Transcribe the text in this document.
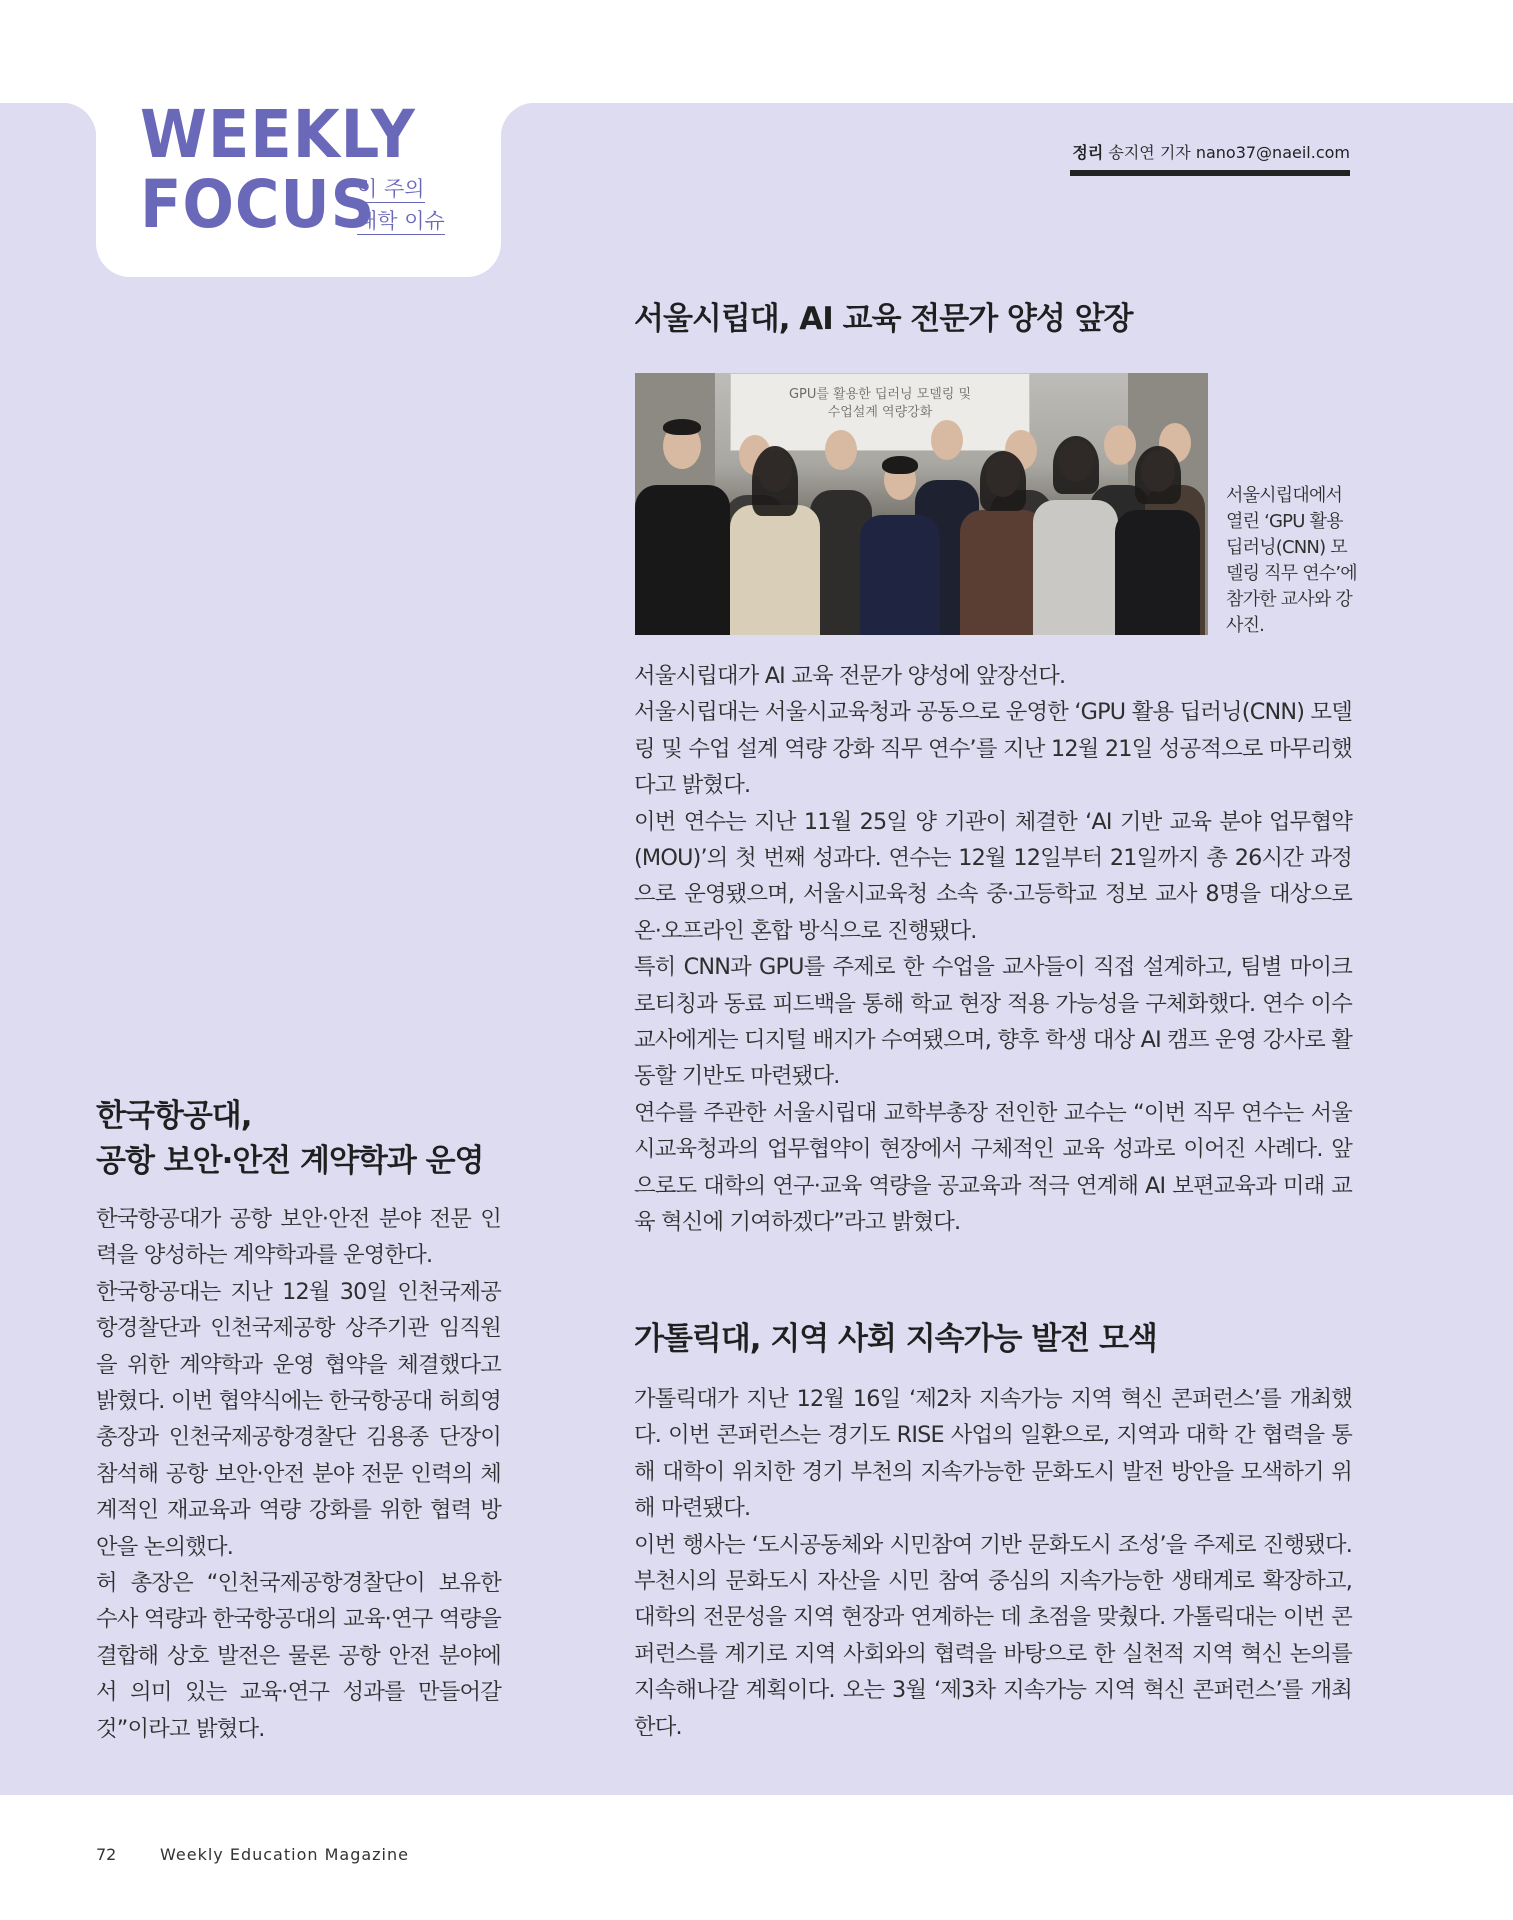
WEEKLY
FOCUS
이 주의
대학 이슈
정리 송지연 기자 nano37@naeil.com
서울시립대, AI 교육 전문가 양성 앞장
GPU를 활용한 딥러닝 모델링 및
수업설계 역량강화
서울시립대에서 열린 ‘GPU 활용 딥러닝(CNN) 모델링 직무 연수’에 참가한 교사와 강사진.

서울시립대가 AI 교육 전문가 양성에 앞장선다.

서울시립대는 서울시교육청과 공동으로 운영한 ‘GPU 활용 딥러닝(CNN) 모델링 및 수업 설계 역량 강화 직무 연수’를 지난 12월 21일 성공적으로 마무리했다고 밝혔다.

이번 연수는 지난 11월 25일 양 기관이 체결한 ‘AI 기반 교육 분야 업무협약(MOU)’의 첫 번째 성과다. 연수는 12월 12일부터 21일까지 총 26시간 과정으로 운영됐으며, 서울시교육청 소속 중·고등학교 정보 교사 8명을 대상으로 온·오프라인 혼합 방식으로 진행됐다.

특히 CNN과 GPU를 주제로 한 수업을 교사들이 직접 설계하고, 팀별 마이크로티칭과 동료 피드백을 통해 학교 현장 적용 가능성을 구체화했다. 연수 이수 교사에게는 디지털 배지가 수여됐으며, 향후 학생 대상 AI 캠프 운영 강사로 활동할 기반도 마련됐다.

연수를 주관한 서울시립대 교학부총장 전인한 교수는 “이번 직무 연수는 서울시교육청과의 업무협약이 현장에서 구체적인 교육 성과로 이어진 사례다. 앞으로도 대학의 연구·교육 역량을 공교육과 적극 연계해 AI 보편교육과 미래 교육 혁신에 기여하겠다”라고 밝혔다.

한국항공대,
공항 보안·안전 계약학과 운영

한국항공대가 공항 보안·안전 분야 전문 인력을 양성하는 계약학과를 운영한다.

한국항공대는 지난 12월 30일 인천국제공항경찰단과 인천국제공항 상주기관 임직원을 위한 계약학과 운영 협약을 체결했다고 밝혔다. 이번 협약식에는 한국항공대 허희영 총장과 인천국제공항경찰단 김용종 단장이 참석해 공항 보안·안전 분야 전문 인력의 체계적인 재교육과 역량 강화를 위한 협력 방안을 논의했다.

허 총장은 “인천국제공항경찰단이 보유한 수사 역량과 한국항공대의 교육·연구 역량을 결합해 상호 발전은 물론 공항 안전 분야에서 의미 있는 교육·연구 성과를 만들어갈 것”이라고 밝혔다.

가톨릭대, 지역 사회 지속가능 발전 모색

가톨릭대가 지난 12월 16일 ‘제2차 지속가능 지역 혁신 콘퍼런스’를 개최했다. 이번 콘퍼런스는 경기도 RISE 사업의 일환으로, 지역과 대학 간 협력을 통해 대학이 위치한 경기 부천의 지속가능한 문화도시 발전 방안을 모색하기 위해 마련됐다.

이번 행사는 ‘도시공동체와 시민참여 기반 문화도시 조성’을 주제로 진행됐다. 부천시의 문화도시 자산을 시민 참여 중심의 지속가능한 생태계로 확장하고, 대학의 전문성을 지역 현장과 연계하는 데 초점을 맞췄다. 가톨릭대는 이번 콘퍼런스를 계기로 지역 사회와의 협력을 바탕으로 한 실천적 지역 혁신 논의를 지속해나갈 계획이다. 오는 3월 ‘제3차 지속가능 지역 혁신 콘퍼런스’를 개최한다.

72	Weekly Education Magazine
